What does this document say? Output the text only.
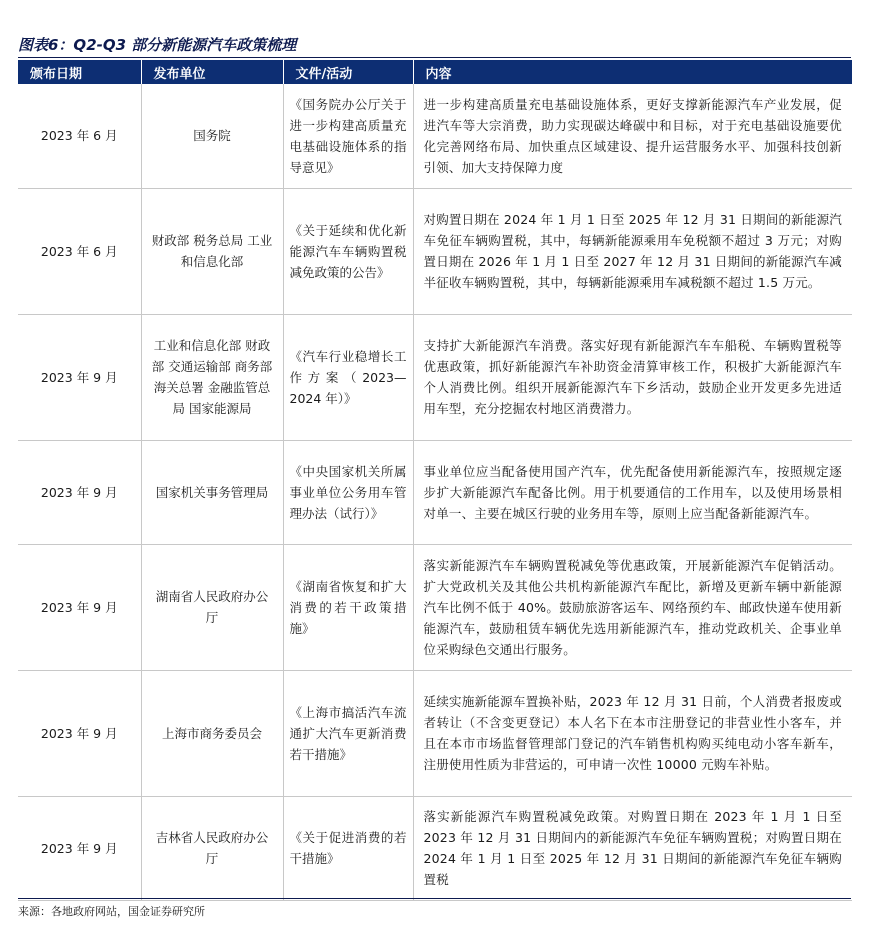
图表6：Q2-Q3 部分新能源汽车政策梳理
颁布日期	发布单位	文件/活动	内容
2023 年 6 月	国务院	《国务院办公厅关于进一步构建高质量充电基础设施体系的指导意见》	进一步构建高质量充电基础设施体系，更好支撑新能源汽车产业发展，促进汽车等大宗消费，助力实现碳达峰碳中和目标，对于充电基础设施要优化完善网络布局、加快重点区域建设、提升运营服务水平、加强科技创新引领、加大支持保障力度
2023 年 6 月	财政部 税务总局 工业和信息化部	《关于延续和优化新能源汽车车辆购置税减免政策的公告》	对购置日期在 2024 年 1 月 1 日至 2025 年 12 月 31 日期间的新能源汽车免征车辆购置税，其中，每辆新能源乘用车免税额不超过 3 万元；对购置日期在 2026 年 1 月 1 日至 2027 年 12 月 31 日期间的新能源汽车减半征收车辆购置税，其中，每辆新能源乘用车减税额不超过 1.5 万元。
2023 年 9 月	工业和信息化部 财政部 交通运输部 商务部 海关总署 金融监管总局 国家能源局	《汽车行业稳增长工作方案（2023—2024 年）》	支持扩大新能源汽车消费。落实好现有新能源汽车车船税、车辆购置税等优惠政策，抓好新能源汽车补助资金清算审核工作，积极扩大新能源汽车个人消费比例。组织开展新能源汽车下乡活动，鼓励企业开发更多先进适用车型，充分挖掘农村地区消费潜力。
2023 年 9 月	国家机关事务管理局	《中央国家机关所属事业单位公务用车管理办法（试行）》	事业单位应当配备使用国产汽车，优先配备使用新能源汽车，按照规定逐步扩大新能源汽车配备比例。用于机要通信的工作用车，以及使用场景相对单一、主要在城区行驶的业务用车等，原则上应当配备新能源汽车。
2023 年 9 月	湖南省人民政府办公厅	《湖南省恢复和扩大消费的若干政策措施》	落实新能源汽车车辆购置税减免等优惠政策，开展新能源汽车促销活动。扩大党政机关及其他公共机构新能源汽车配比，新增及更新车辆中新能源汽车比例不低于 40%。鼓励旅游客运车、网络预约车、邮政快递车使用新能源汽车，鼓励租赁车辆优先选用新能源汽车，推动党政机关、企事业单位采购绿色交通出行服务。
2023 年 9 月	上海市商务委员会	《上海市搞活汽车流通扩大汽车更新消费若干措施》	延续实施新能源车置换补贴，2023 年 12 月 31 日前，个人消费者报废或者转让（不含变更登记）本人名下在本市注册登记的非营业性小客车，并且在本市市场监督管理部门登记的汽车销售机构购买纯电动小客车新车，注册使用性质为非营运的，可申请一次性 10000 元购车补贴。
2023 年 9 月	吉林省人民政府办公厅	《关于促进消费的若干措施》	落实新能源汽车购置税减免政策。对购置日期在 2023 年 1 月 1 日至 2023 年 12 月 31 日期间内的新能源汽车免征车辆购置税；对购置日期在 2024 年 1 月 1 日至 2025 年 12 月 31 日期间的新能源汽车免征车辆购置税
来源：各地政府网站，国金证券研究所
